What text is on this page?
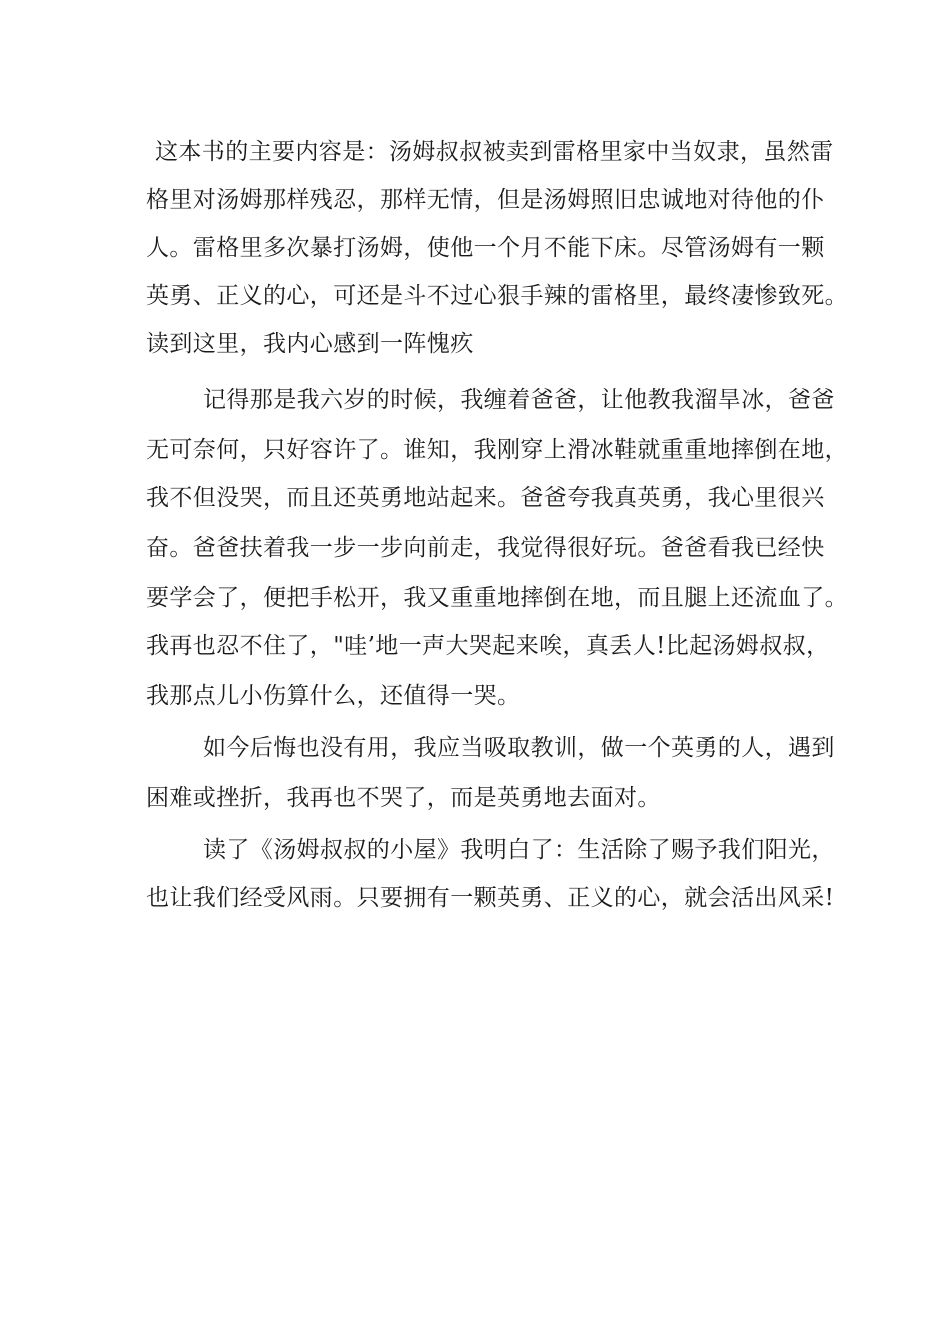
这本书的主要内容是：汤姆叔叔被卖到雷格里家中当奴隶，虽然雷
格里对汤姆那样残忍，那样无情，但是汤姆照旧忠诚地对待他的仆
人。雷格里多次暴打汤姆，使他一个月不能下床。尽管汤姆有一颗
英勇、正义的心，可还是斗不过心狠手辣的雷格里，最终凄惨致死。
读到这里，我内心感到一阵愧疚
记得那是我六岁的时候，我缠着爸爸，让他教我溜旱冰，爸爸
无可奈何，只好容许了。谁知，我刚穿上滑冰鞋就重重地摔倒在地，
我不但没哭，而且还英勇地站起来。爸爸夸我真英勇，我心里很兴
奋。爸爸扶着我一步一步向前走，我觉得很好玩。爸爸看我已经快
要学会了，便把手松开，我又重重地摔倒在地，而且腿上还流血了。
我再也忍不住了，"哇’地一声大哭起来唉，真丢人!比起汤姆叔叔，
我那点儿小伤算什么，还值得一哭。
如今后悔也没有用，我应当吸取教训，做一个英勇的人，遇到
困难或挫折，我再也不哭了，而是英勇地去面对。
读了《汤姆叔叔的小屋》我明白了：生活除了赐予我们阳光，
也让我们经受风雨。只要拥有一颗英勇、正义的心，就会活出风采!
